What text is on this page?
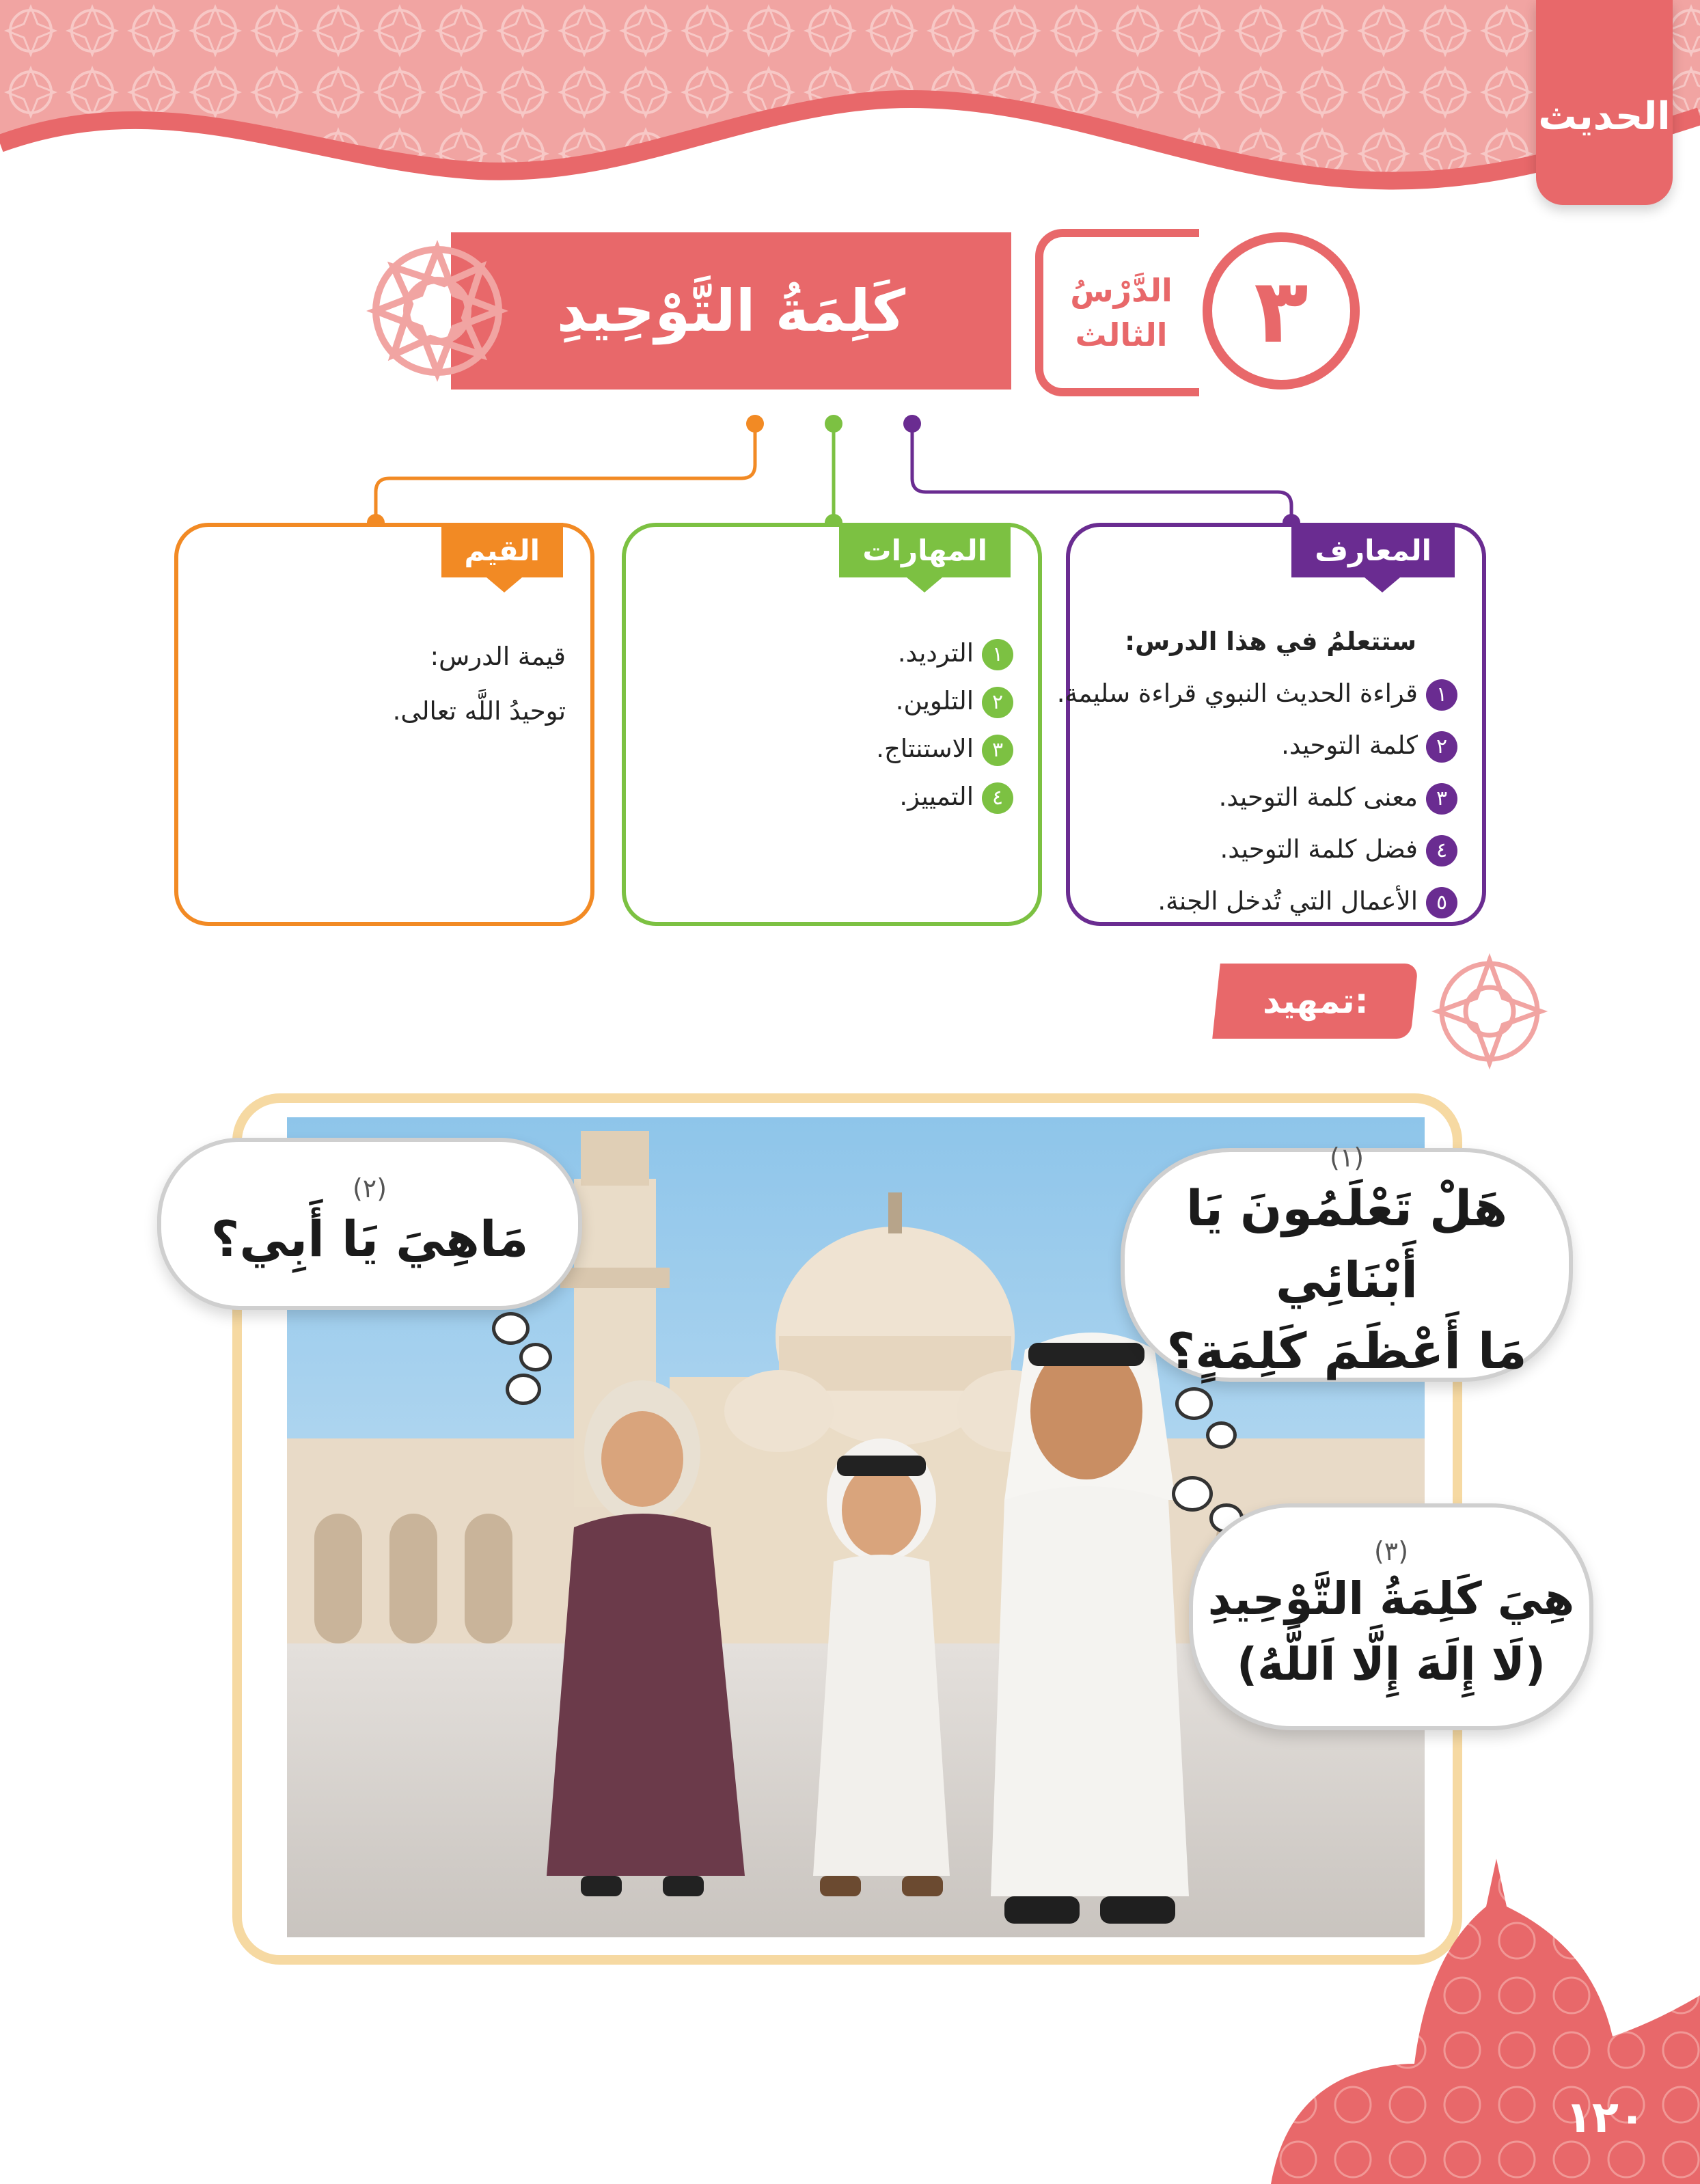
الحديث
كَلِمَةُ التَّوْحِيدِ	الدَّرْسُ
الثالث ٣
المعارف
ستتعلمُ في هذا الدرس:
١قراءة الحديث النبوي قراءة سليمة.
٢كلمة التوحيد.
٣معنى كلمة التوحيد.
٤فضل كلمة التوحيد.
٥الأعمال التي تُدخل الجنة.
المهارات
١الترديد.
٢التلوين.
٣الاستنتاج.
٤التمييز.
القيم
قيمة الدرس:
توحيدُ اللَّه تعالى.
تمهيد:
(١)
هَلْ تَعْلَمُونَ يَا أَبْنَائِي
مَا أَعْظَمَ كَلِمَةٍ؟
(٢)
مَاهِيَ يَا أَبِي؟
(٣)
هِيَ كَلِمَةُ التَّوْحِيدِ
(لَا إِلَهَ إِلَّا اَللَّهُ)
١٢٠
